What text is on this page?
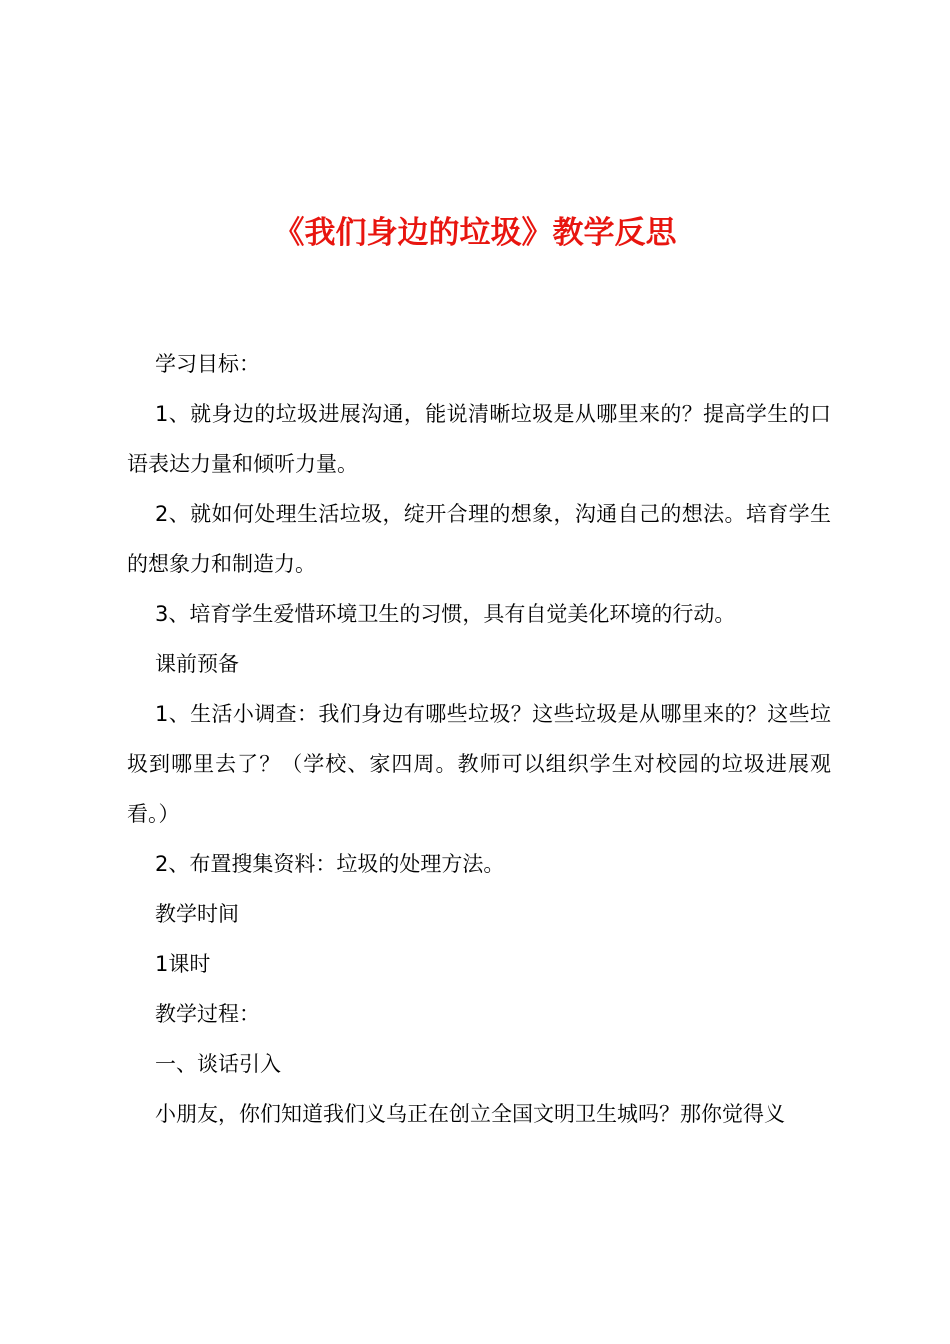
《我们身边的垃圾》教学反思

学习目标：

1、就身边的垃圾进展沟通，能说清晰垃圾是从哪里来的？提高学生的口语表达力量和倾听力量。

2、就如何处理生活垃圾，绽开合理的想象，沟通自己的想法。培育学生的想象力和制造力。

3、培育学生爱惜环境卫生的习惯，具有自觉美化环境的行动。

课前预备

1、生活小调查：我们身边有哪些垃圾？这些垃圾是从哪里来的？这些垃圾到哪里去了？（学校、家四周。教师可以组织学生对校园的垃圾进展观看。）

2、布置搜集资料：垃圾的处理方法。

教学时间

1课时

教学过程：

一、谈话引入

小朋友，你们知道我们义乌正在创立全国文明卫生城吗？那你觉得义
